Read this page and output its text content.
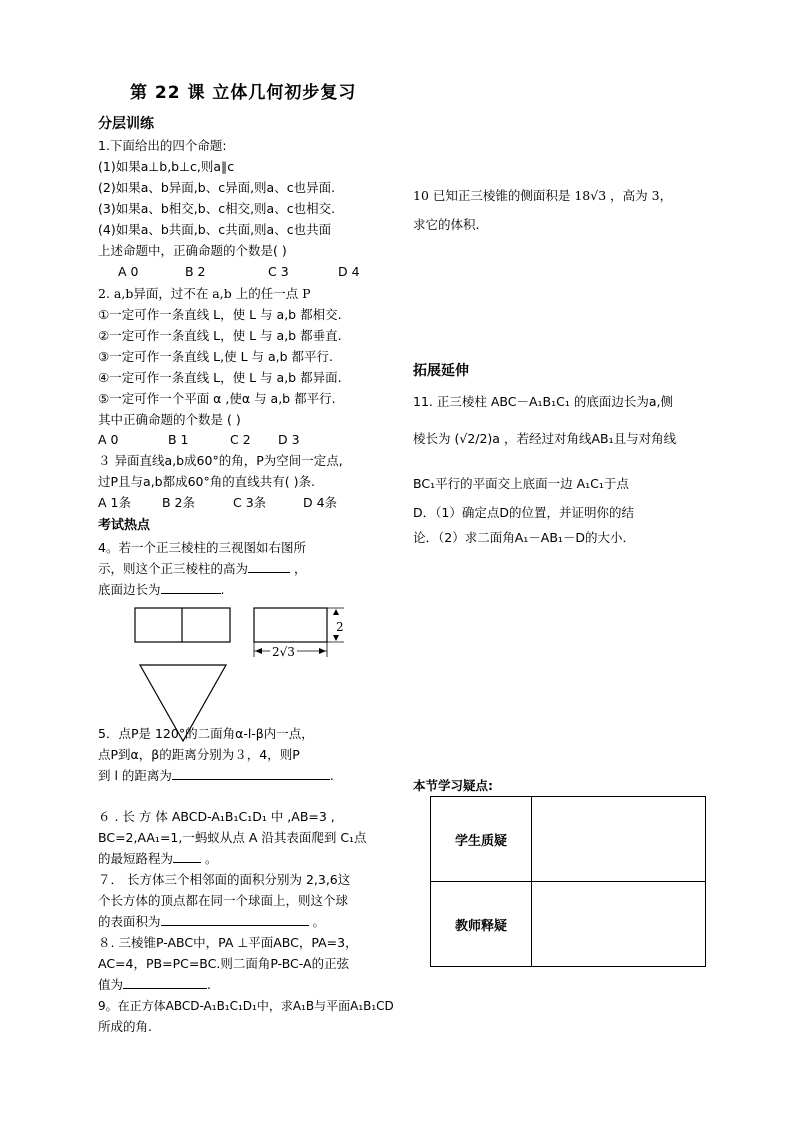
第 22 课 立体几何初步复习
分层训练
1.下面给出的四个命题:
(1)如果a⊥b,b⊥c,则a∥c
(2)如果a、b异面,b、c异面,则a、c也异面.
(3)如果a、b相交,b、c相交,则a、c也相交.
(4)如果a、b共面,b、c共面,则a、c也共面
上述命题中，正确命题的个数是( )
A 0	B 2	C 3	D 4
2. a,b异面，过不在 a,b 上的任一点 P
①一定可作一条直线 L，使 L 与 a,b 都相交.
②一定可作一条直线 L，使 L 与 a,b 都垂直.
③一定可作一条直线 L,使 L 与 a,b 都平行.
④一定可作一条直线 L，使 L 与 a,b 都异面.
⑤一定可作一个平面 α ,使α 与 a,b 都平行.
其中正确命题的个数是 ( )
A 0	B 1	C 2 D 3
３ 异面直线a,b成60°的角，P为空间一定点,
过P且与a,b都成60°角的直线共有( )条.
A 1条 B 2条	C 3条	D 4条
考试热点
4。若一个正三棱柱的三视图如右图所
示，则这个正三棱柱的高为	，
底面边长为	.
2
2√3
5．点P是 120°的二面角α-l-β内一点，
点P到α，β的距离分别为３，4，则P
到 l 的距离为	.
６ . 长 方 体 ABCD-A₁B₁C₁D₁ 中 ,AB=3 ,
BC=2,AA₁=1,一蚂蚁从点 A 沿其表面爬到 C₁点
的最短路程为	。
７． 长方体三个相邻面的面积分别为 2,3,6这
个长方体的顶点都在同一个球面上，则这个球
的表面积为	。
８. 三棱锥P-ABC中，PA ⊥平面ABC，PA=3，
AC=4，PB=PC=BC.则二面角P-BC-A的正弦
值为	.
9。在正方体ABCD-A₁B₁C₁D₁中，求A₁B与平面A₁B₁CD
所成的角.
10 已知正三棱锥的侧面积是 18√3 ，高为 3，
求它的体积.
拓展延伸
11. 正三棱柱 ABC－A₁B₁C₁ 的底面边长为a,侧
棱长为 (√2/2)a ，若经过对角线AB₁且与对角线
BC₁平行的平面交上底面一边 A₁C₁于点
D．（1）确定点D的位置，并证明你的结
论．（2）求二面角A₁－AB₁－D的大小．
本节学习疑点:
学生质疑	
教师释疑	
